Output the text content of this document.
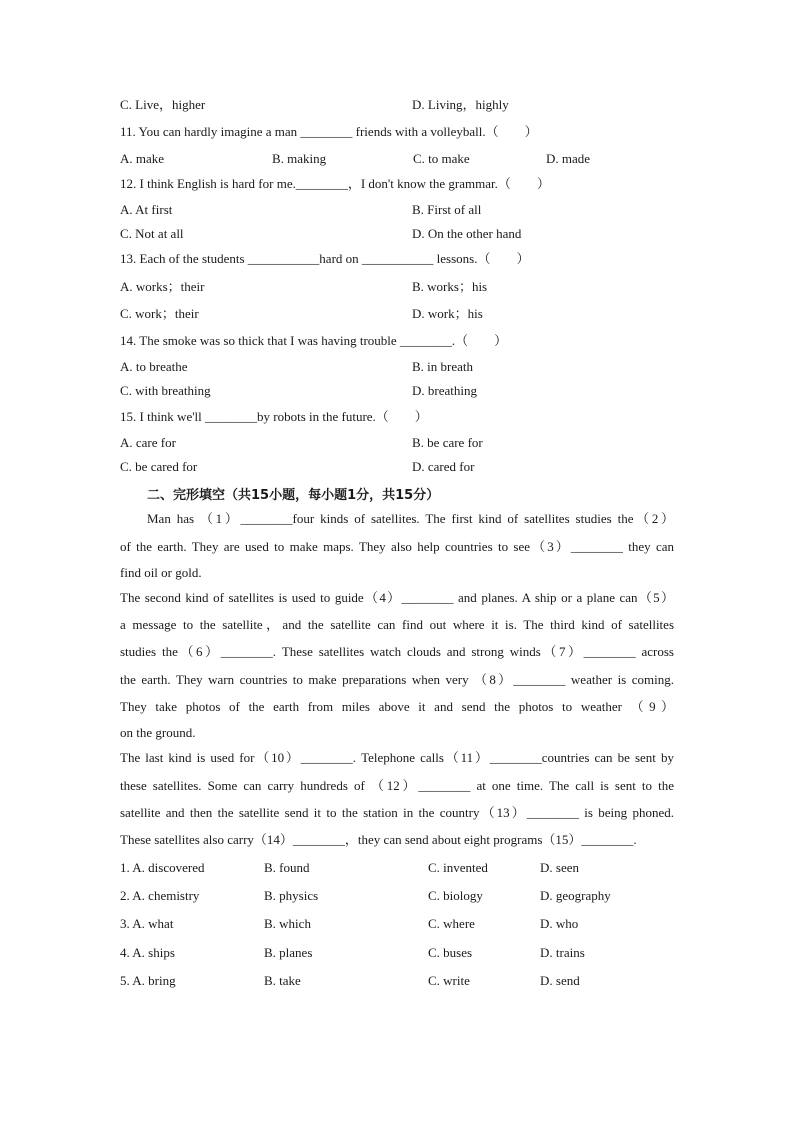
C. Live，higher	D. Living，highly
11. You can hardly imagine a man ________ friends with a volleyball.（　　）
A. make	B. making	C. to make	D. made
12. I think English is hard for me.________，I don't know the grammar.（　　）
A. At first	B. First of all
C. Not at all	D. On the other hand
13. Each of the students ___________hard on ___________ lessons.（　　）
A. works；their	B. works；his
C. work；their	D. work；his
14. The smoke was so thick that I was having trouble ________.（　　）
A. to breathe	B. in breath
C. with breathing	D. breathing
15. I think we'll ________by robots in the future.（　　）
A. care for	B. be care for
C. be cared for	D. cared for
二、完形填空（共15小题，每小题1分，共15分）
Man has （1）________four kinds of satellites. The first kind of satellites studies the（2）
of the earth. They are used to make maps. They also help countries to see（3）________ they can
find oil or gold.
The second kind of satellites is used to guide（4）________ and planes. A ship or a plane can（5）
a message to the satellite，and the satellite can find out where it is. The third kind of satellites
studies the（6）________. These satellites watch clouds and strong winds（7）________ across
the earth. They warn countries to make preparations when very （8）________ weather is coming.
They take photos of the earth from miles above it and send the photos to weather （9）
on the ground.
The last kind is used for（10）________. Telephone calls（11）________countries can be sent by
these satellites. Some can carry hundreds of （12）________ at one time. The call is sent to the
satellite and then the satellite send it to the station in the country（13）________ is being phoned.
These satellites also carry（14）________，they can send about eight programs（15）________.
1. A. discovered	B. found	C. invented	D. seen
2. A. chemistry	B. physics	C. biology	D. geography
3. A. what	B. which	C. where	D. who
4. A. ships	B. planes	C. buses	D. trains
5. A. bring	B. take	C. write	D. send
